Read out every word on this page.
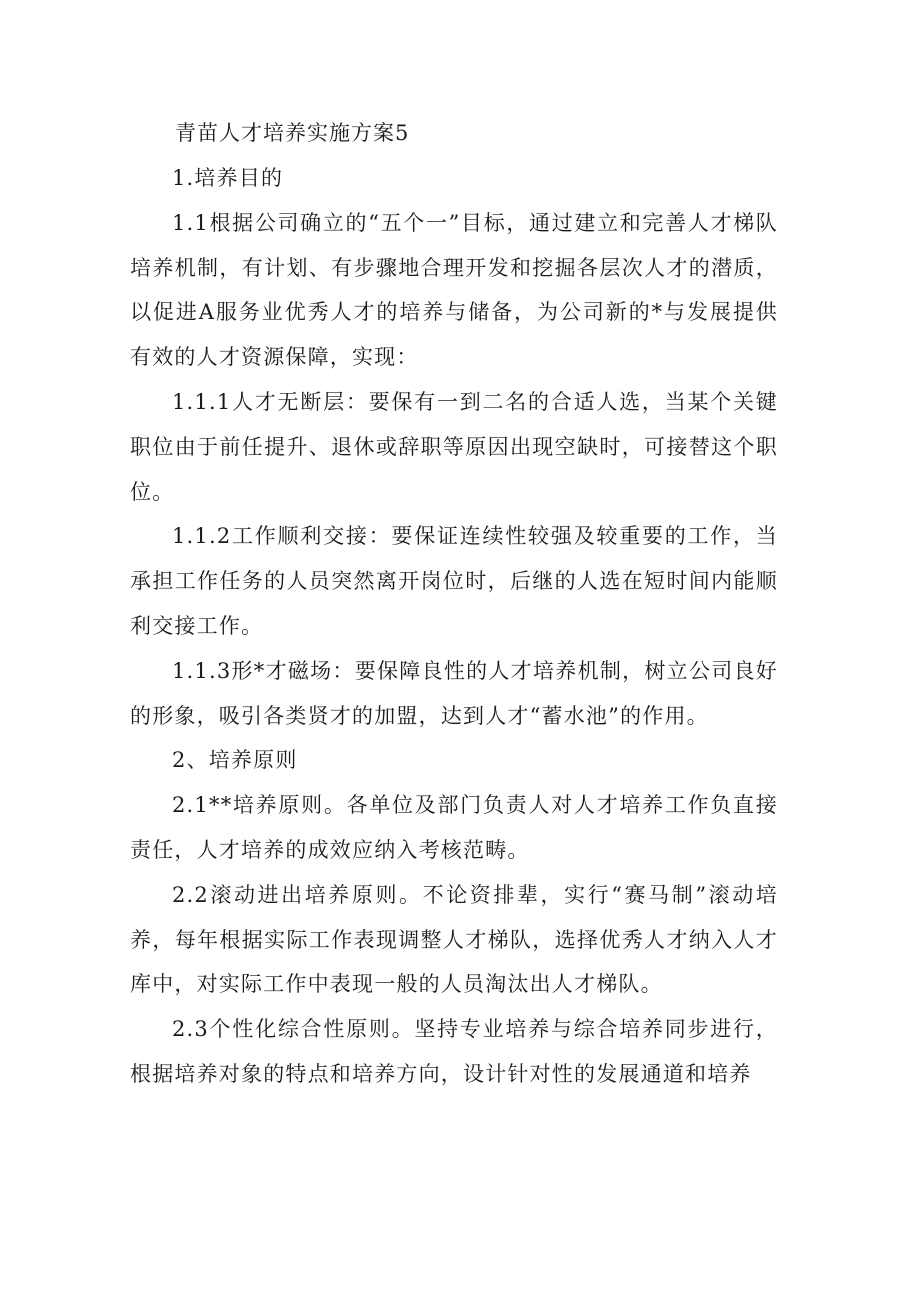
青苗人才培养实施方案5

1.培养目的

1.1根据公司确立的“五个一”目标，通过建立和完善人才梯队培养机制，有计划、有步骤地合理开发和挖掘各层次人才的潜质，以促进A服务业优秀人才的培养与储备，为公司新的*与发展提供有效的人才资源保障，实现：

1.1.1人才无断层：要保有一到二名的合适人选，当某个关键职位由于前任提升、退休或辞职等原因出现空缺时，可接替这个职位。

1.1.2工作顺利交接：要保证连续性较强及较重要的工作，当承担工作任务的人员突然离开岗位时，后继的人选在短时间内能顺利交接工作。

1.1.3形*才磁场：要保障良性的人才培养机制，树立公司良好的形象，吸引各类贤才的加盟，达到人才“蓄水池”的作用。

2、培养原则

2.1**培养原则。各单位及部门负责人对人才培养工作负直接责任，人才培养的成效应纳入考核范畴。

2.2滚动进出培养原则。不论资排辈，实行“赛马制”滚动培养，每年根据实际工作表现调整人才梯队，选择优秀人才纳入人才库中，对实际工作中表现一般的人员淘汰出人才梯队。

2.3个性化综合性原则。坚持专业培养与综合培养同步进行，根据培养对象的特点和培养方向，设计针对性的发展通道和培养
